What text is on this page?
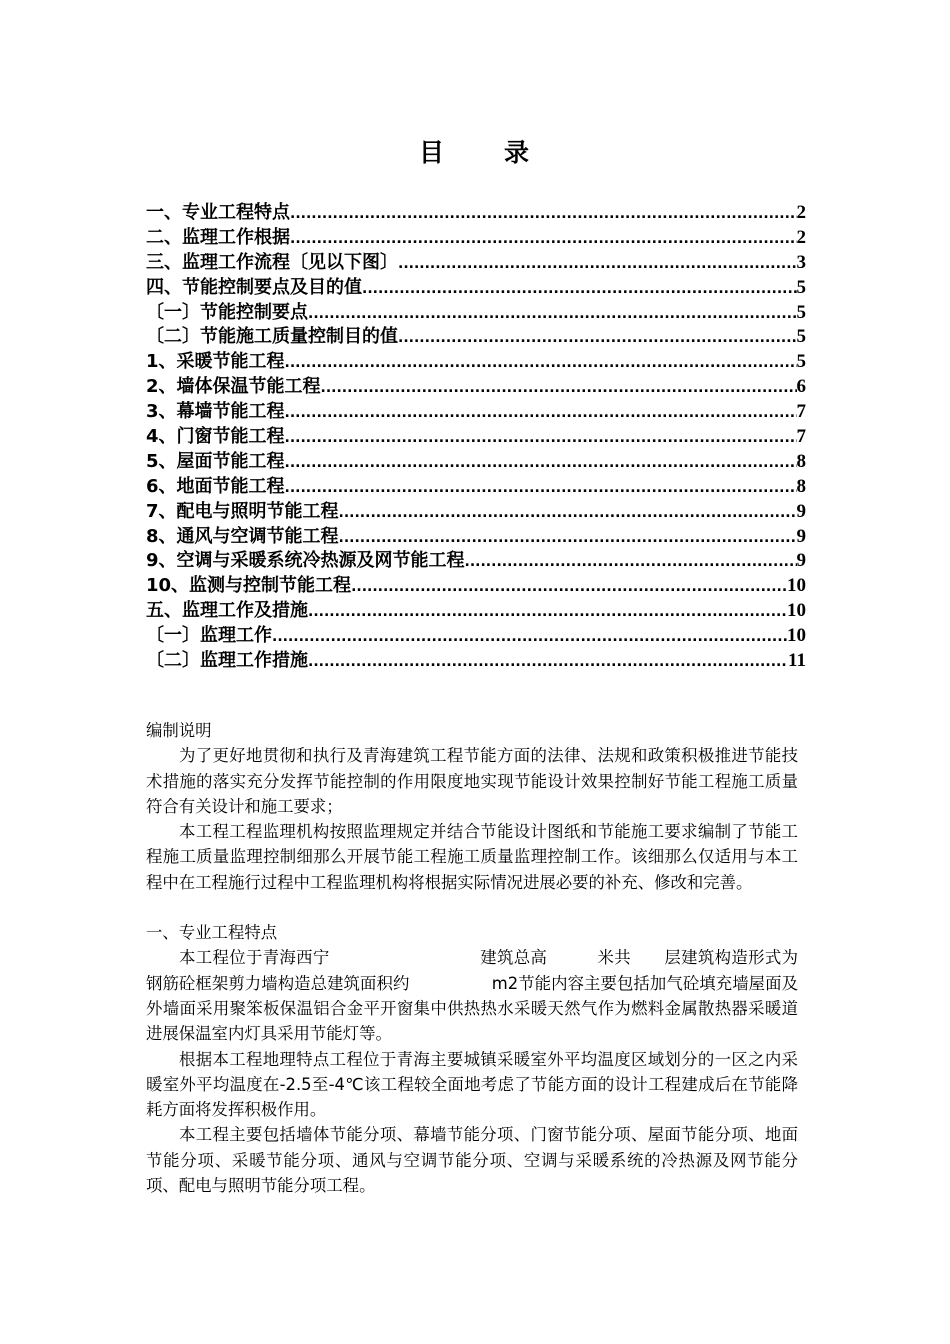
目 录
一、专业工程特点 .....	2
二、监理工作根据 .....	2
三、监理工作流程〔见以下图〕 .....	3
四、节能控制要点及目的值 .....	5
〔一〕节能控制要点 .....	5
〔二〕节能施工质量控制目的值 .....	5
1、采暖节能工程 .....	5
2、墙体保温节能工程 .....	6
3、幕墙节能工程 .....	7
4、门窗节能工程 .....	7
5、屋面节能工程 .....	8
6、地面节能工程 .....	8
7、配电与照明节能工程 .....	9
8、通风与空调节能工程 .....	9
9、空调与采暖系统冷热源及网节能工程 .....	9
10、监测与控制节能工程 .....	10
五、监理工作及措施 .....	10
〔一〕监理工作 .....	10
〔二〕监理工作措施 .....	11

编制说明

为了更好地贯彻和执行及青海建筑工程节能方面的法律、法规和政策积极推进节能技术措施的落实充分发挥节能控制的作用限度地实现节能设计效果控制好节能工程施工质量符合有关设计和施工要求；

本工程工程监理机构按照监理规定并结合节能设计图纸和节能施工要求编制了节能工程施工质量监理控制细那么开展节能工程施工质量监理控制工作。该细那么仅适用与本工程中在工程施行过程中工程监理机构将根据实际情况进展必要的补充、修改和完善。

一、专业工程特点

本工程位于青海西宁　　　　　　　　　建筑总高　　　米共　　层建筑构造形式为钢筋砼框架剪力墙构造总建筑面积约　　　　　m2节能内容主要包括加气砼填充墙屋面及外墙面采用聚笨板保温铝合金平开窗集中供热热水采暖天然气作为燃料金属散热器采暖道进展保温室内灯具采用节能灯等。

根据本工程地理特点工程位于青海主要城镇采暖室外平均温度区域划分的一区之内采暖室外平均温度在-2.5至-4℃该工程较全面地考虑了节能方面的设计工程建成后在节能降耗方面将发挥积极作用。

本工程主要包括墙体节能分项、幕墙节能分项、门窗节能分项、屋面节能分项、地面节能分项、采暖节能分项、通风与空调节能分项、空调与采暖系统的冷热源及网节能分项、配电与照明节能分项工程。
